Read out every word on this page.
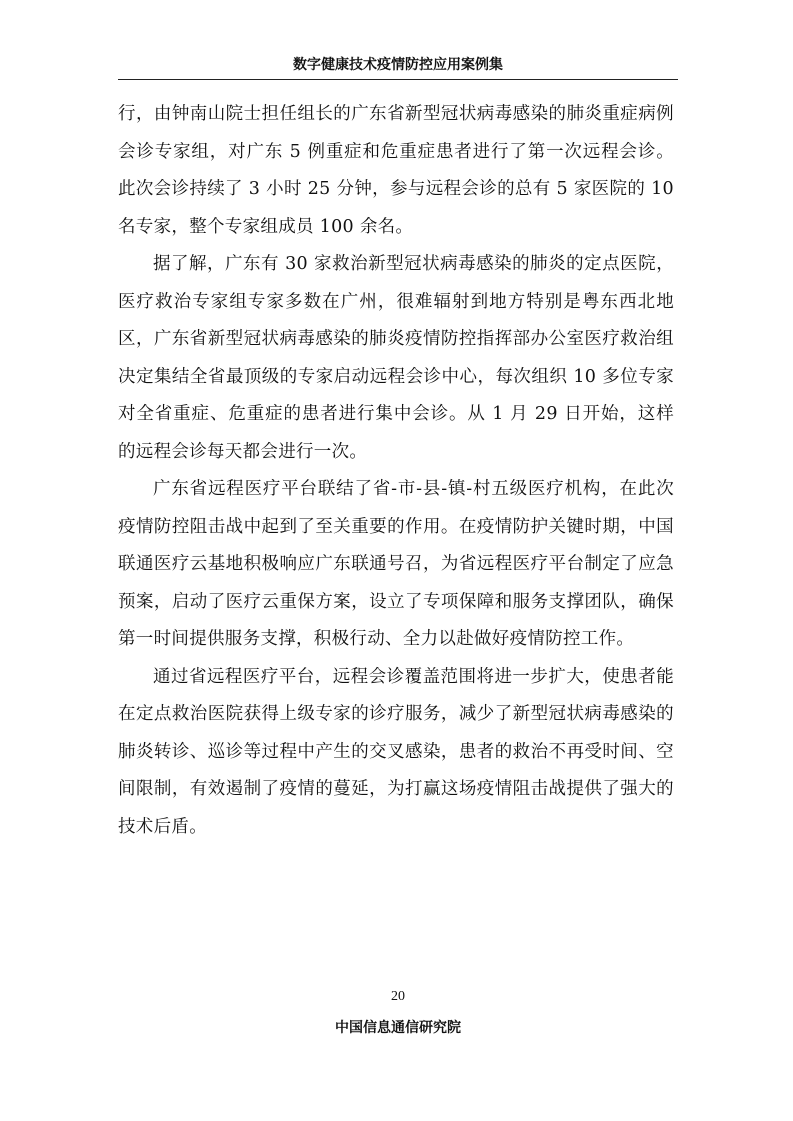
数字健康技术疫情防控应用案例集

行，由钟南山院士担任组长的广东省新型冠状病毒感染的肺炎重症病例会诊专家组，对广东 5 例重症和危重症患者进行了第一次远程会诊。此次会诊持续了 3 小时 25 分钟，参与远程会诊的总有 5 家医院的 10 名专家，整个专家组成员 100 余名。

据了解，广东有 30 家救治新型冠状病毒感染的肺炎的定点医院，医疗救治专家组专家多数在广州，很难辐射到地方特别是粤东西北地区，广东省新型冠状病毒感染的肺炎疫情防控指挥部办公室医疗救治组决定集结全省最顶级的专家启动远程会诊中心，每次组织 10 多位专家对全省重症、危重症的患者进行集中会诊。从 1 月 29 日开始，这样的远程会诊每天都会进行一次。

广东省远程医疗平台联结了省-市-县-镇-村五级医疗机构，在此次疫情防控阻击战中起到了至关重要的作用。在疫情防护关键时期，中国联通医疗云基地积极响应广东联通号召，为省远程医疗平台制定了应急预案，启动了医疗云重保方案，设立了专项保障和服务支撑团队，确保第一时间提供服务支撑，积极行动、全力以赴做好疫情防控工作。

通过省远程医疗平台，远程会诊覆盖范围将进一步扩大，使患者能在定点救治医院获得上级专家的诊疗服务，减少了新型冠状病毒感染的肺炎转诊、巡诊等过程中产生的交叉感染，患者的救治不再受时间、空间限制，有效遏制了疫情的蔓延，为打赢这场疫情阻击战提供了强大的技术后盾。

20
中国信息通信研究院
